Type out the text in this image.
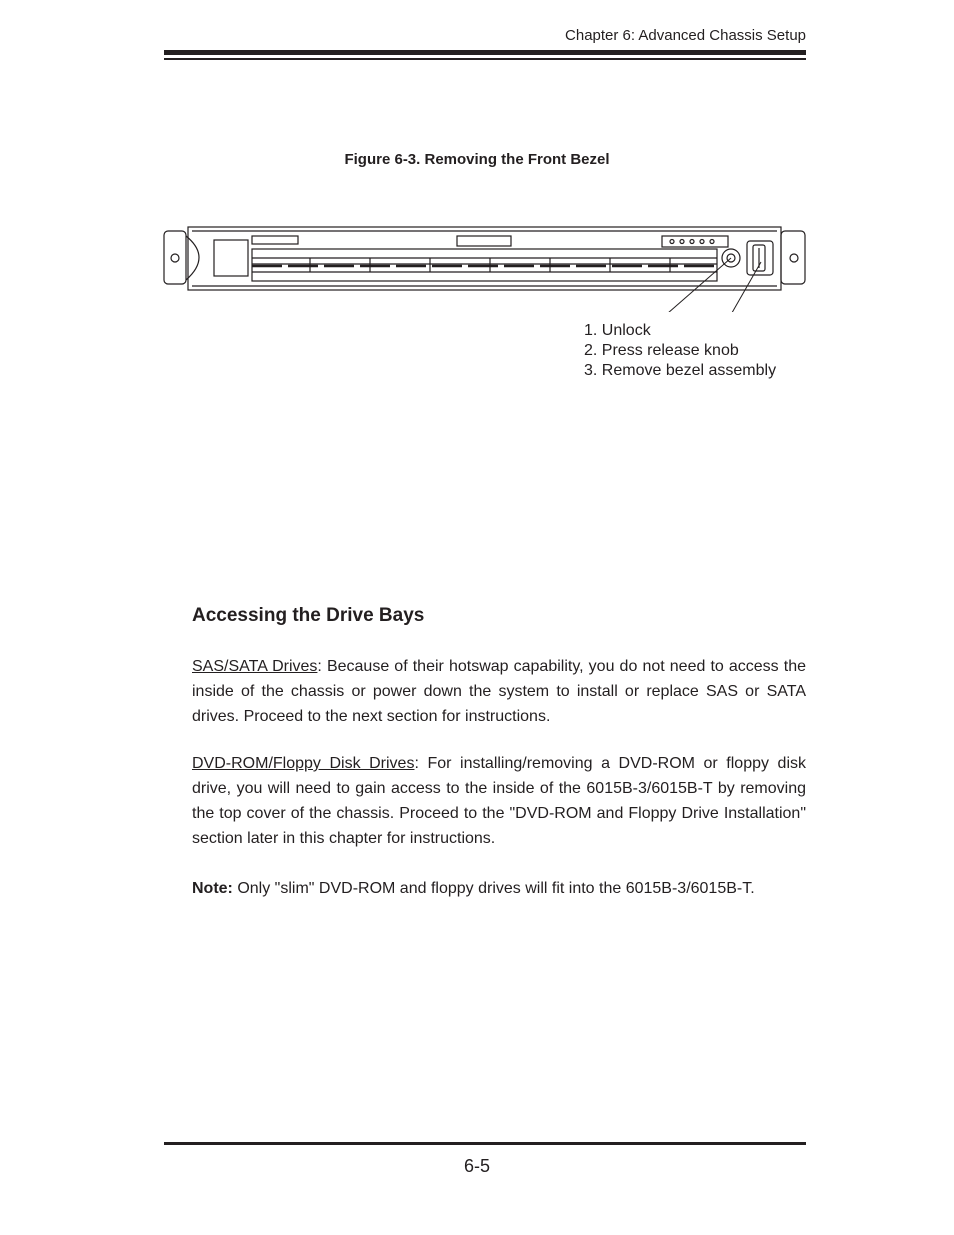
Chapter 6: Advanced Chassis Setup
Figure 6-3. Removing the Front Bezel
1. Unlock
2. Press release knob
3. Remove bezel assembly
Accessing the Drive Bays

SAS/SATA Drives: Because of their hotswap capability, you do not need to access the inside of the chassis or power down the system to install or replace SAS or SATA drives. Proceed to the next section for instructions.

DVD-ROM/Floppy Disk Drives: For installing/removing a DVD-ROM or floppy disk drive, you will need to gain access to the inside of the 6015B-3/6015B-T by removing the top cover of the chassis. Proceed to the "DVD-ROM and Floppy Drive Installation" section later in this chapter for instructions.

Note: Only "slim" DVD-ROM and floppy drives will fit into the 6015B-3/6015B-T.

6-5
